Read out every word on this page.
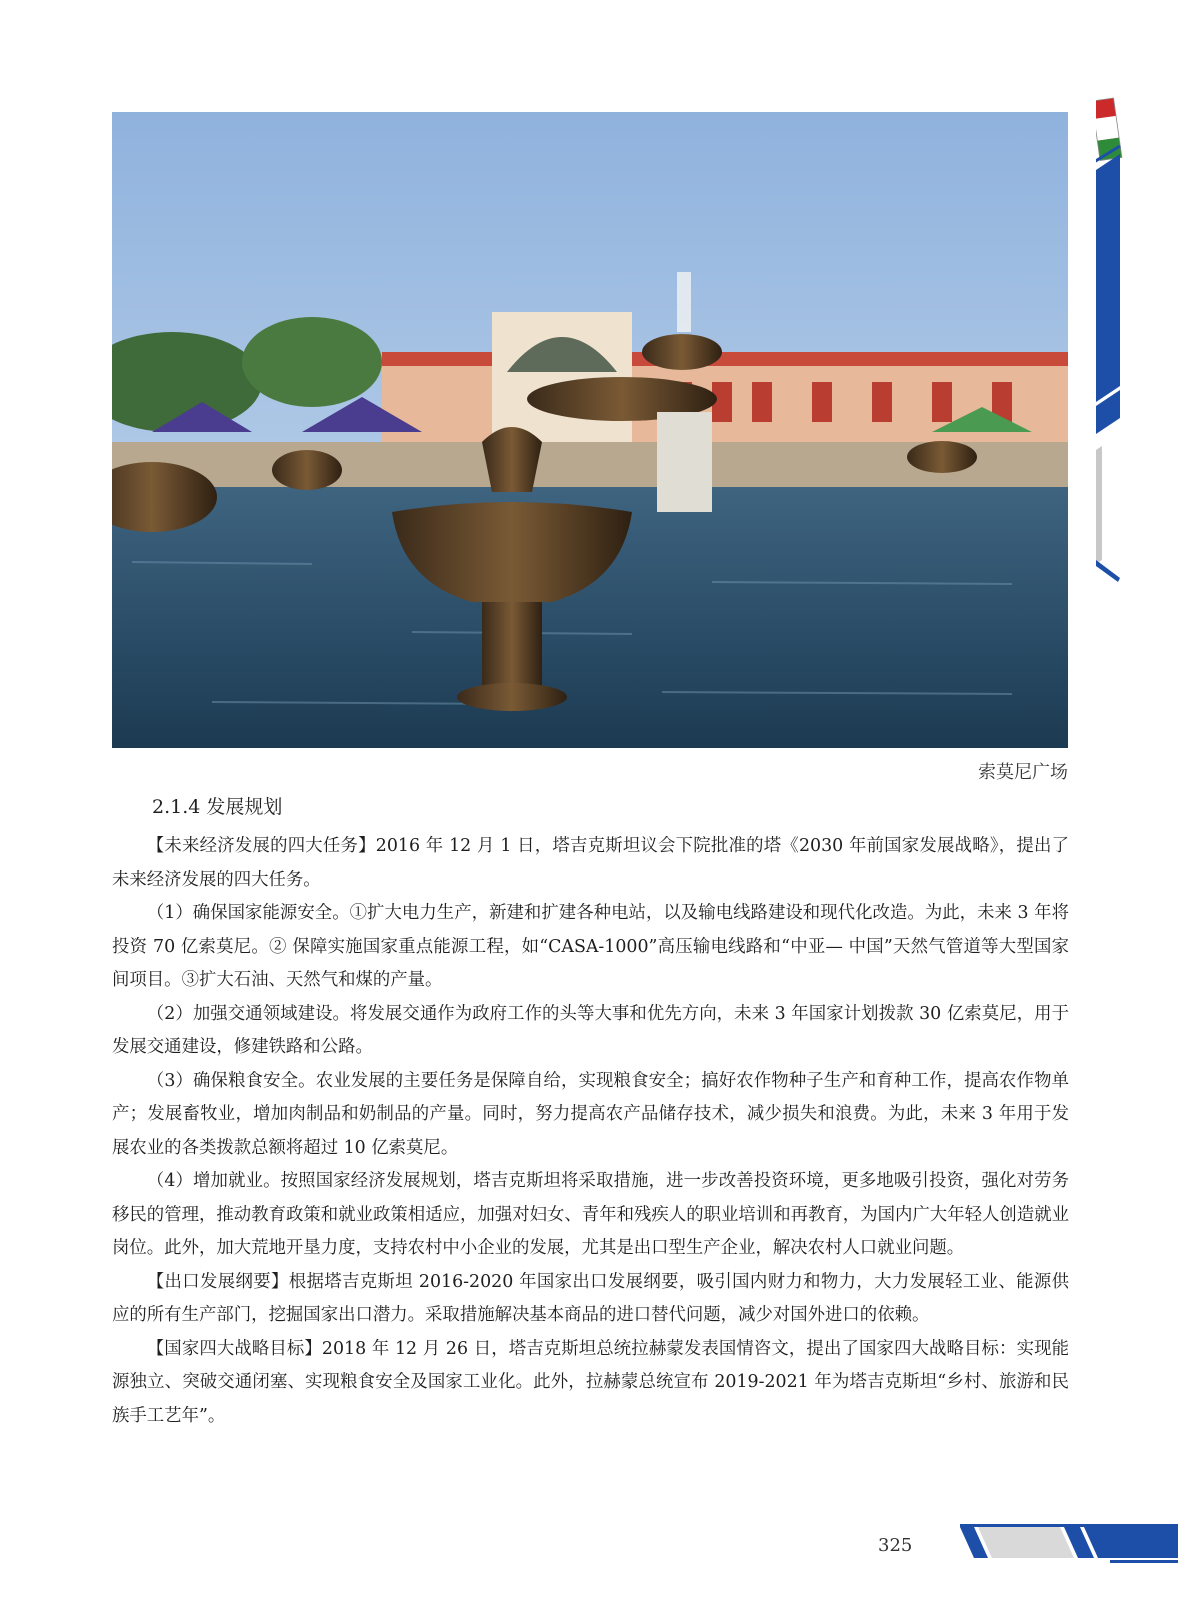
索莫尼广场
2.1.4 发展规划

【未来经济发展的四大任务】2016 年 12 月 1 日，塔吉克斯坦议会下院批准的塔《2030 年前国家发展战略》，提出了未来经济发展的四大任务。

（1）确保国家能源安全。①扩大电力生产，新建和扩建各种电站，以及输电线路建设和现代化改造。为此，未来 3 年将投资 70 亿索莫尼。② 保障实施国家重点能源工程，如“CASA-1000”高压输电线路和“中亚— 中国”天然气管道等大型国家间项目。③扩大石油、天然气和煤的产量。

（2）加强交通领域建设。将发展交通作为政府工作的头等大事和优先方向，未来 3 年国家计划拨款 30 亿索莫尼，用于发展交通建设，修建铁路和公路。

（3）确保粮食安全。农业发展的主要任务是保障自给，实现粮食安全；搞好农作物种子生产和育种工作，提高农作物单产；发展畜牧业，增加肉制品和奶制品的产量。同时，努力提高农产品储存技术，减少损失和浪费。为此，未来 3 年用于发展农业的各类拨款总额将超过 10 亿索莫尼。

（4）增加就业。按照国家经济发展规划，塔吉克斯坦将采取措施，进一步改善投资环境，更多地吸引投资，强化对劳务移民的管理，推动教育政策和就业政策相适应，加强对妇女、青年和残疾人的职业培训和再教育，为国内广大年轻人创造就业岗位。此外，加大荒地开垦力度，支持农村中小企业的发展，尤其是出口型生产企业，解决农村人口就业问题。

【出口发展纲要】根据塔吉克斯坦 2016-2020 年国家出口发展纲要，吸引国内财力和物力，大力发展轻工业、能源供应的所有生产部门，挖掘国家出口潜力。采取措施解决基本商品的进口替代问题，减少对国外进口的依赖。

【国家四大战略目标】2018 年 12 月 26 日，塔吉克斯坦总统拉赫蒙发表国情咨文，提出了国家四大战略目标：实现能源独立、突破交通闭塞、实现粮食安全及国家工业化。此外，拉赫蒙总统宣布 2019-2021 年为塔吉克斯坦“乡村、旅游和民族手工艺年”。

325
